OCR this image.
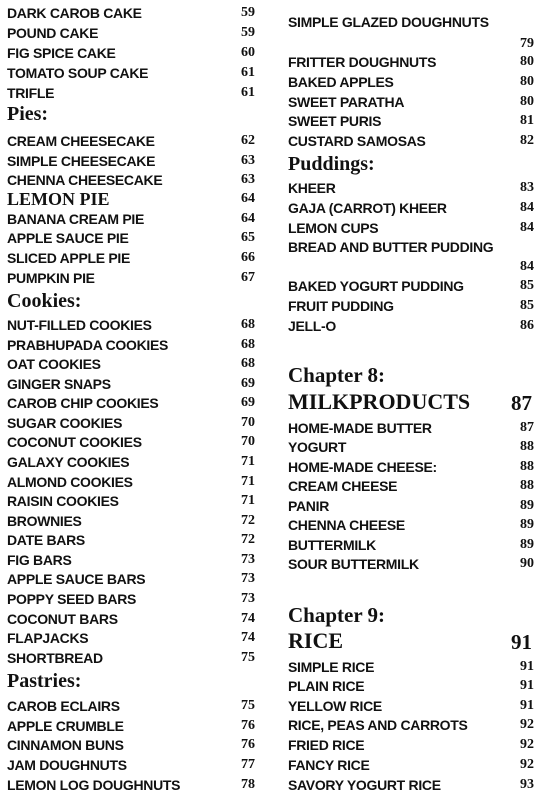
DARK CAROB CAKE	59
POUND CAKE	59
FIG SPICE CAKE	60
TOMATO SOUP CAKE	61
TRIFLE	61
Pies:
CREAM CHEESECAKE	62
SIMPLE CHEESECAKE	63
CHENNA CHEESECAKE	63
LEMON PIE	64
BANANA CREAM PIE	64
APPLE SAUCE PIE	65
SLICED APPLE PIE	66
PUMPKIN PIE	67
Cookies:
NUT-FILLED COOKIES	68
PRABHUPADA COOKIES	68
OAT COOKIES	68
GINGER SNAPS	69
CAROB CHIP COOKIES	69
SUGAR COOKIES	70
COCONUT COOKIES	70
GALAXY COOKIES	71
ALMOND COOKIES	71
RAISIN COOKIES	71
BROWNIES	72
DATE BARS	72
FIG BARS	73
APPLE SAUCE BARS	73
POPPY SEED BARS	73
COCONUT BARS	74
FLAPJACKS	74
SHORTBREAD	75
Pastries:
CAROB ECLAIRS	75
APPLE CRUMBLE	76
CINNAMON BUNS	76
JAM DOUGHNUTS	77
LEMON LOG DOUGHNUTS	78
SIMPLE GLAZED DOUGHNUTS
79
FRITTER DOUGHNUTS	80
BAKED APPLES	80
SWEET PARATHA	80
SWEET PURIS	81
CUSTARD SAMOSAS	82
Puddings:
KHEER	83
GAJA (CARROT) KHEER	84
LEMON CUPS	84
BREAD AND BUTTER PUDDING
84
BAKED YOGURT PUDDING	85
FRUIT PUDDING	85
JELL-O	86
Chapter 8:
MILKPRODUCTS 87
HOME-MADE BUTTER	87
YOGURT	88
HOME-MADE CHEESE:	88
CREAM CHEESE	88
PANIR	89
CHENNA CHEESE	89
BUTTERMILK	89
SOUR BUTTERMILK	90
Chapter 9:
RICE	91
SIMPLE RICE	91
PLAIN RICE	91
YELLOW RICE	91
RICE, PEAS AND CARROTS	92
FRIED RICE	92
FANCY RICE	92
SAVORY YOGURT RICE	93
